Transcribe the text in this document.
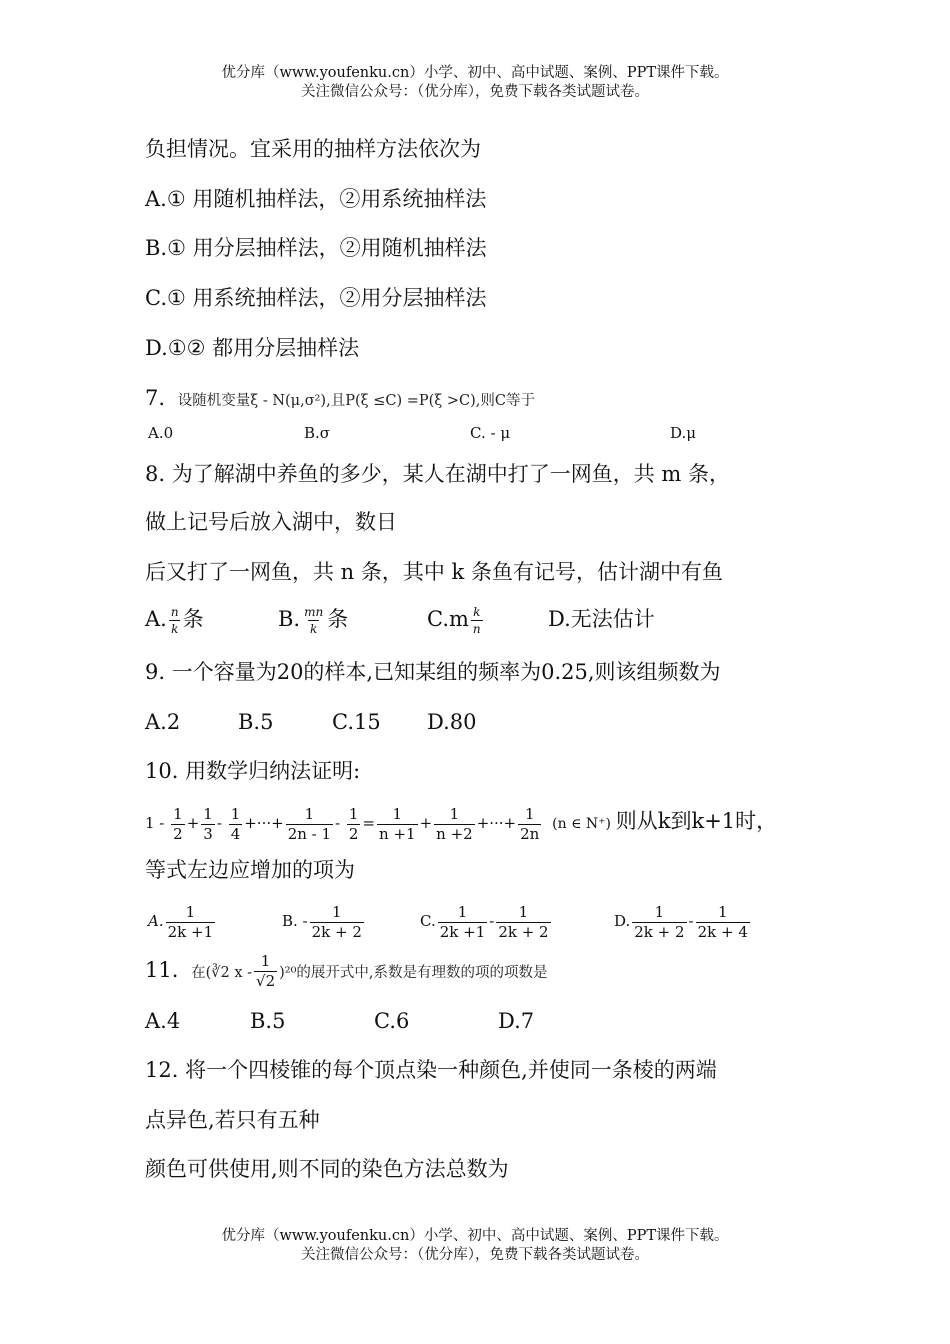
优分库（www.youfenku.cn）小学、初中、高中试题、案例、PPT课件下载。
关注微信公众号：（优分库），免费下载各类试题试卷。
负担情况。宜采用的抽样方法依次为
A.① 用随机抽样法，②用系统抽样法
B.① 用分层抽样法，②用随机抽样法
C.① 用系统抽样法，②用分层抽样法
D.①② 都用分层抽样法
7. 设随机变量ξ - N(μ,σ²),且P(ξ ≤C) =P(ξ >C),则C等于
A.0	B.σ	C. - μ	D.μ
8. 为了解湖中养鱼的多少，某人在湖中打了一网鱼，共 m 条，
做上记号后放入湖中，数日
后又打了一网鱼，共 n 条，其中 k 条鱼有记号，估计湖中有鱼
A. $\frac{n}{k}$ 条	B. $\frac{mn}{k}$ 条	$C.m \frac{k}{n}$	D.无法估计
9. 一个容量为20的样本,已知某组的频率为0.25,则该组频数为
A.2	B.5	C.15 D.80
10. 用数学归纳法证明:
$1 - \frac{1}{2} + \frac{1}{3} - \frac{1}{4}$ +···+ $\frac{1}{2n - 1} - \frac{1}{2} = \frac{1}{n +1} + \frac{1}{n +2}$ +···+ $\frac{1}{2n} (n$ ∈ N⁺) 则从k到k+1时，
等式左边应增加的项为
A. $\frac{1}{2k +1}$	B. - $\frac{1}{2k + 2}$	C. $\frac{1}{2k +1} - \frac{1}{2k + 2}$	D. $\frac{1}{2k + 2} - \frac{1}{2k + 4}$
11. 在(∛2 x - $\frac{1}{√2} )^{20}$的展开式中,系数是有理数的项的项数是
A.4	B.5	C.6	D.7
12. 将一个四棱锥的每个顶点染一种颜色,并使同一条棱的两端
点异色,若只有五种
颜色可供使用,则不同的染色方法总数为
优分库（www.youfenku.cn）小学、初中、高中试题、案例、PPT课件下载。
关注微信公众号：（优分库），免费下载各类试题试卷。
